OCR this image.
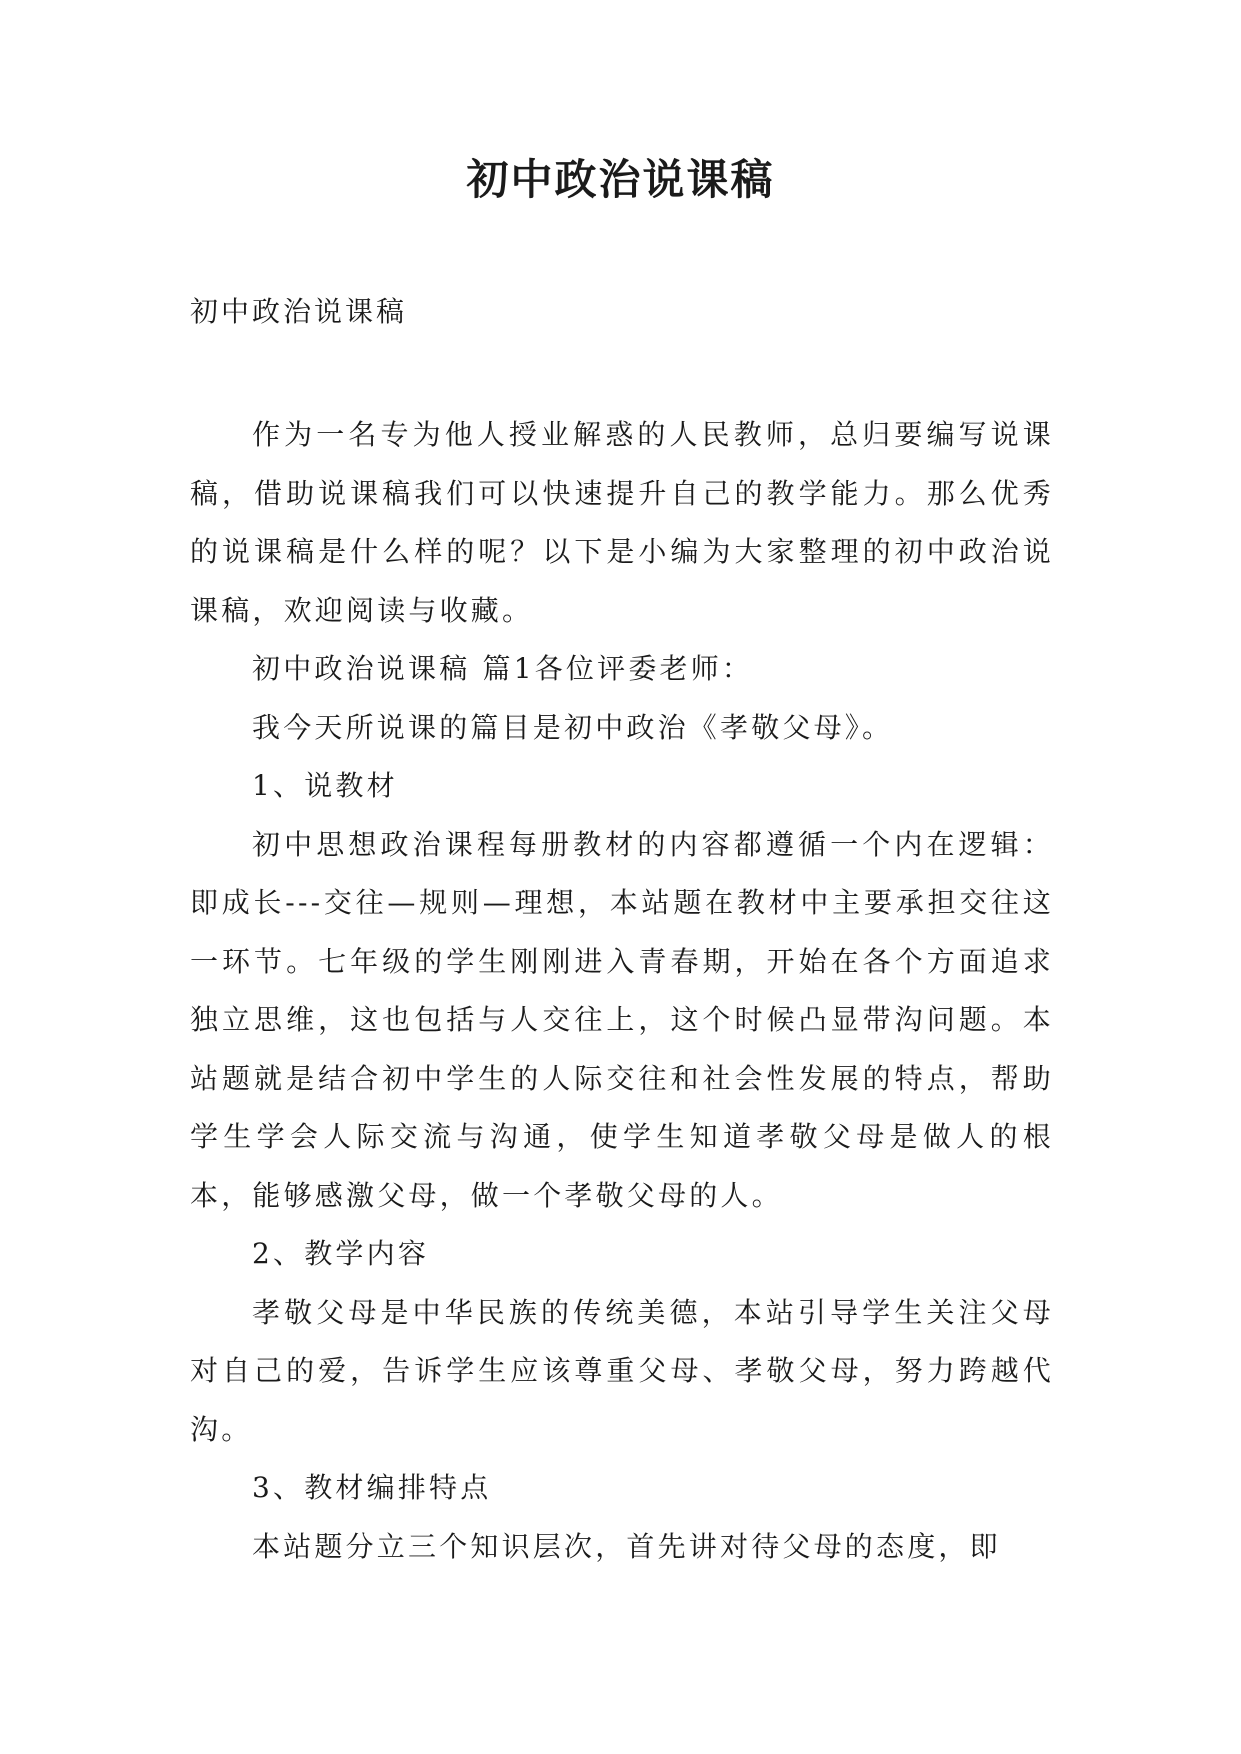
初中政治说课稿

初中政治说课稿

作为一名专为他人授业解惑的人民教师，总归要编写说课稿，借助说课稿我们可以快速提升自己的教学能力。那么优秀的说课稿是什么样的呢？以下是小编为大家整理的初中政治说课稿，欢迎阅读与收藏。

初中政治说课稿 篇1各位评委老师：

我今天所说课的篇目是初中政治《孝敬父母》。

1、说教材

初中思想政治课程每册教材的内容都遵循一个内在逻辑：即成长---交往—规则—理想，本站题在教材中主要承担交往这一环节。七年级的学生刚刚进入青春期，开始在各个方面追求独立思维，这也包括与人交往上，这个时候凸显带沟问题。本站题就是结合初中学生的人际交往和社会性发展的特点，帮助学生学会人际交流与沟通，使学生知道孝敬父母是做人的根本，能够感激父母，做一个孝敬父母的人。

2、教学内容

孝敬父母是中华民族的传统美德，本站引导学生关注父母对自己的爱，告诉学生应该尊重父母、孝敬父母，努力跨越代沟。

3、教材编排特点

本站题分立三个知识层次，首先讲对待父母的态度，即
